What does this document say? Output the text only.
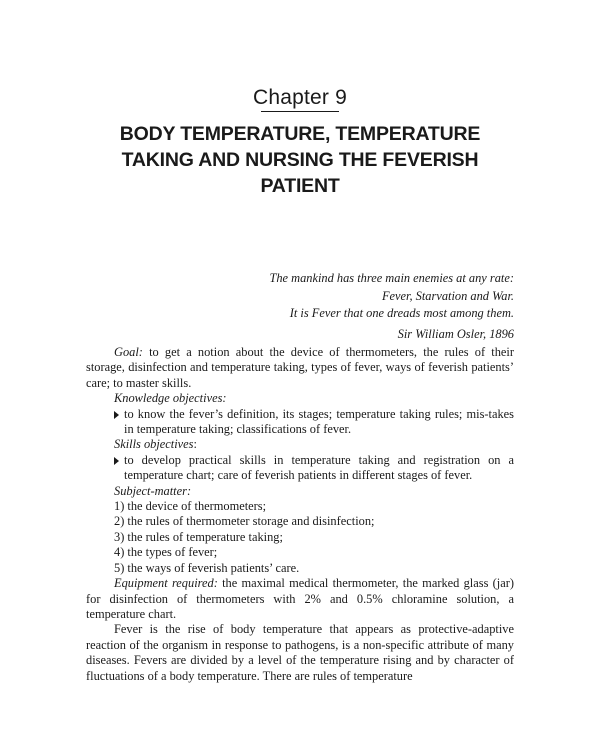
Chapter 9
BODY TEMPERATURE, TEMPERATURE
TAKING AND NURSING THE FEVERISH
PATIENT
The mankind has three main enemies at any rate:
Fever, Starvation and War.
It is Fever that one dreads most among them.
Sir William Osler, 1896

Goal: to get a notion about the device of thermometers, the rules of their storage, disinfection and temperature taking, types of fever, ways of feverish patients’ care; to master skills.

Knowledge objectives:

to know the fever’s definition, its stages; temperature taking rules; mis-takes in temperature taking; classifications of fever.

Skills objectives:

to develop practical skills in temperature taking and registration on a temperature chart; care of feverish patients in different stages of fever.

Subject-matter:

1) the device of thermometers;

2) the rules of thermometer storage and disinfection;

3) the rules of temperature taking;

4) the types of fever;

5) the ways of feverish patients’ care.

Equipment required: the maximal medical thermometer, the marked glass (jar) for disinfection of thermometers with 2% and 0.5% chloramine solution, a temperature chart.

Fever is the rise of body temperature that appears as protective-adaptive reaction of the organism in response to pathogens, is a non-specific attribute of many diseases. Fevers are divided by a level of the temperature rising and by character of fluctuations of a body temperature. There are rules of temperature
